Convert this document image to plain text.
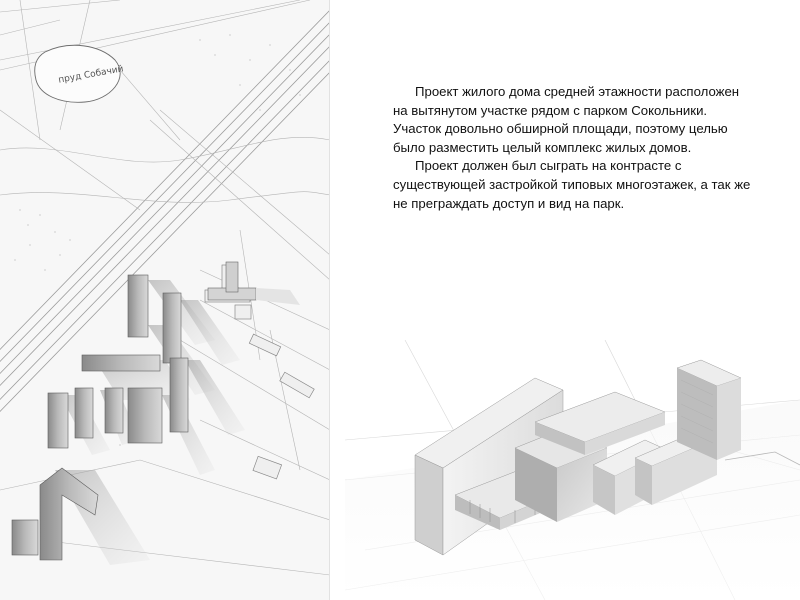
пруд Собачий

Проект жилого дома средней этажности расположен на вытянутом участке рядом с парком Сокольники. Участок довольно обширной площади, поэтому целью было разместить целый комплекс жилых домов.

Проект должен был сыграть на контрасте с существующей застройкой типовых многоэтажек, а так же не преграждать доступ и вид на парк.
